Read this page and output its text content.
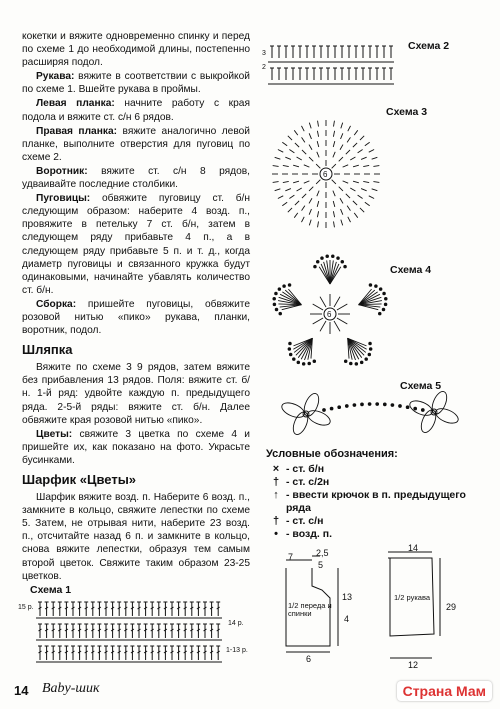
кокетки и вяжите одновременно спинку и перед по схеме 1 до необходимой длины, постепенно расширяя подол.

Рукава: вяжите в соответствии с выкройкой по схеме 1. Вшейте рукава в проймы.

Левая планка: начните работу с края подола и вяжите ст. с/н 6 рядов.

Правая планка: вяжите аналогично левой планке, выполните отверстия для пуговиц по схеме 2.

Воротник: вяжите ст. с/н 8 рядов, удваивайте последние столбики.

Пуговицы: обвяжите пуговицу ст. б/н следующим образом: наберите 4 возд. п., провяжите в петельку 7 ст. б/н, затем в следующем ряду прибавьте 4 п., а в следующем ряду прибавьте 5 п. и т. д., когда диаметр пуговицы и связанного кружка будут одинаковыми, начинайте убавлять количество ст. б/н.

Сборка: пришейте пуговицы, обвяжите розовой нитью «пико» рукава, планки, воротник, подол.

Шляпка

Вяжите по схеме 3 9 рядов, затем вяжите без прибавления 13 рядов. Поля: вяжите ст. б/н. 1-й ряд: удвойте каждую п. предыдущего ряда. 2-5-й ряды: вяжите ст. б/н. Далее обвяжите края розовой нитью «пико».

Цветы: свяжите 3 цветка по схеме 4 и пришейте их, как показано на фото. Украсьте бусинками.

Шарфик «Цветы»

Шарфик вяжите возд. п. Наберите 6 возд. п., замкните в кольцо, свяжите лепестки по схеме 5. Затем, не отрывая нити, наберите 23 возд. п., отсчитайте назад 6 п. и замкните в кольцо, снова вяжите лепестки, образуя тем самым второй цветок. Свяжите таким образом 23-25 цветков.

Схема 1
15 р.
14 р.
1-13 р.
Схема 2
3
2
Схема 3
6
Схема 4
6
Схема 5
Условные обозначения:
× - ст. б/н
† - ст. с/2н
↑ - ввести крючок в п. предыдущего ряда
† - ст. с/н
• - возд. п.
7	2,5
5
13
4
6
14
29
12
1/2 переда и спинки
1/2 рукава
14 Baby-шик	Страна Мам
